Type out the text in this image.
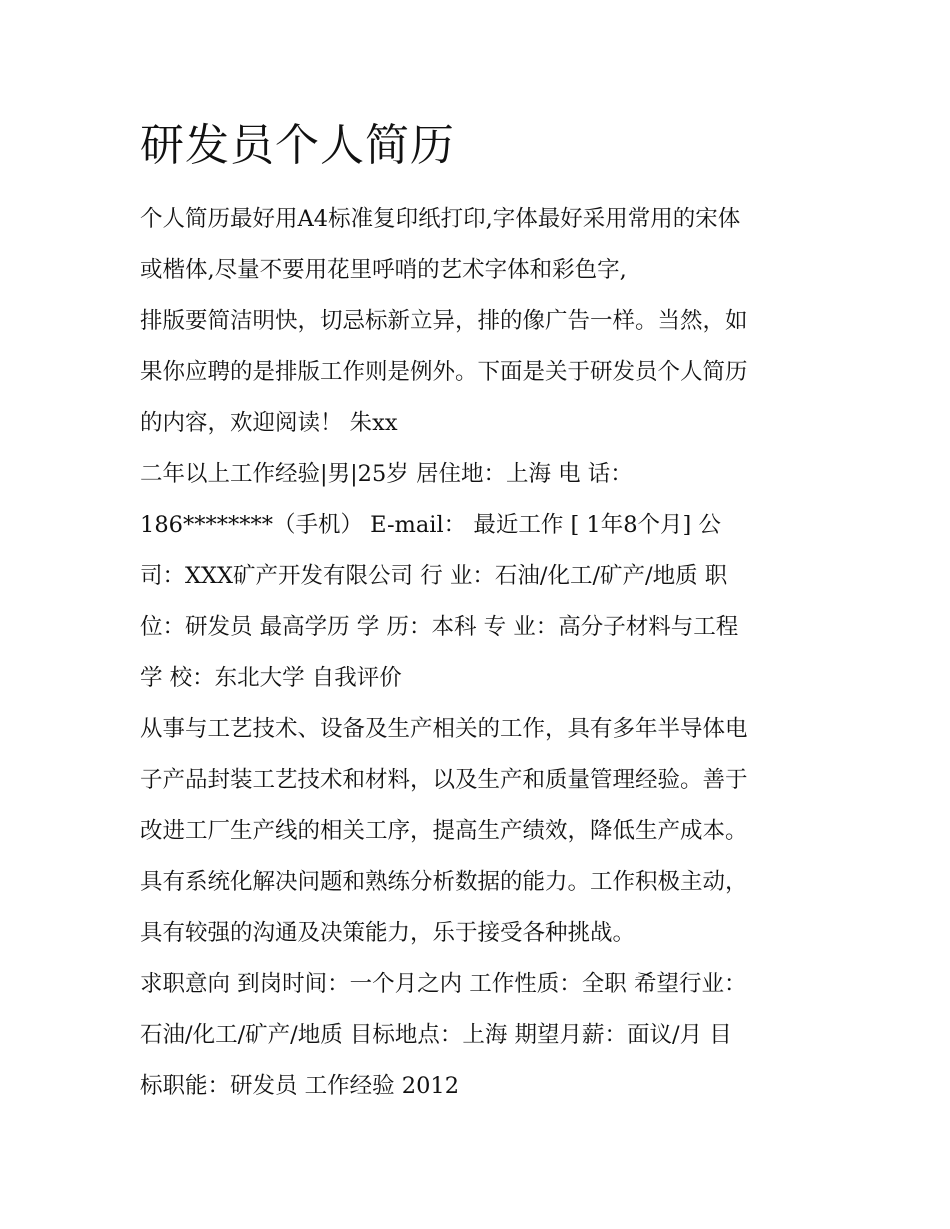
研发员个人简历
个人简历最好用A4标准复印纸打印,字体最好采用常用的宋体
或楷体,尽量不要用花里呼哨的艺术字体和彩色字,
排版要简洁明快，切忌标新立异，排的像广告一样。当然，如
果你应聘的是排版工作则是例外。下面是关于研发员个人简历
的内容，欢迎阅读！ 朱xx
二年以上工作经验|男|25岁 居住地：上海 电 话：
186********（手机） E-mail： 最近工作 [ 1年8个月] 公
司：XXX矿产开发有限公司 行 业：石油/化工/矿产/地质 职
位：研发员 最高学历 学 历：本科 专 业：高分子材料与工程
学 校：东北大学 自我评价
从事与工艺技术、设备及生产相关的工作，具有多年半导体电
子产品封装工艺技术和材料，以及生产和质量管理经验。善于
改进工厂生产线的相关工序，提高生产绩效，降低生产成本。
具有系统化解决问题和熟练分析数据的能力。工作积极主动，
具有较强的沟通及决策能力，乐于接受各种挑战。
求职意向 到岗时间：一个月之内 工作性质：全职 希望行业：
石油/化工/矿产/地质 目标地点：上海 期望月薪：面议/月 目
标职能：研发员 工作经验 2012
